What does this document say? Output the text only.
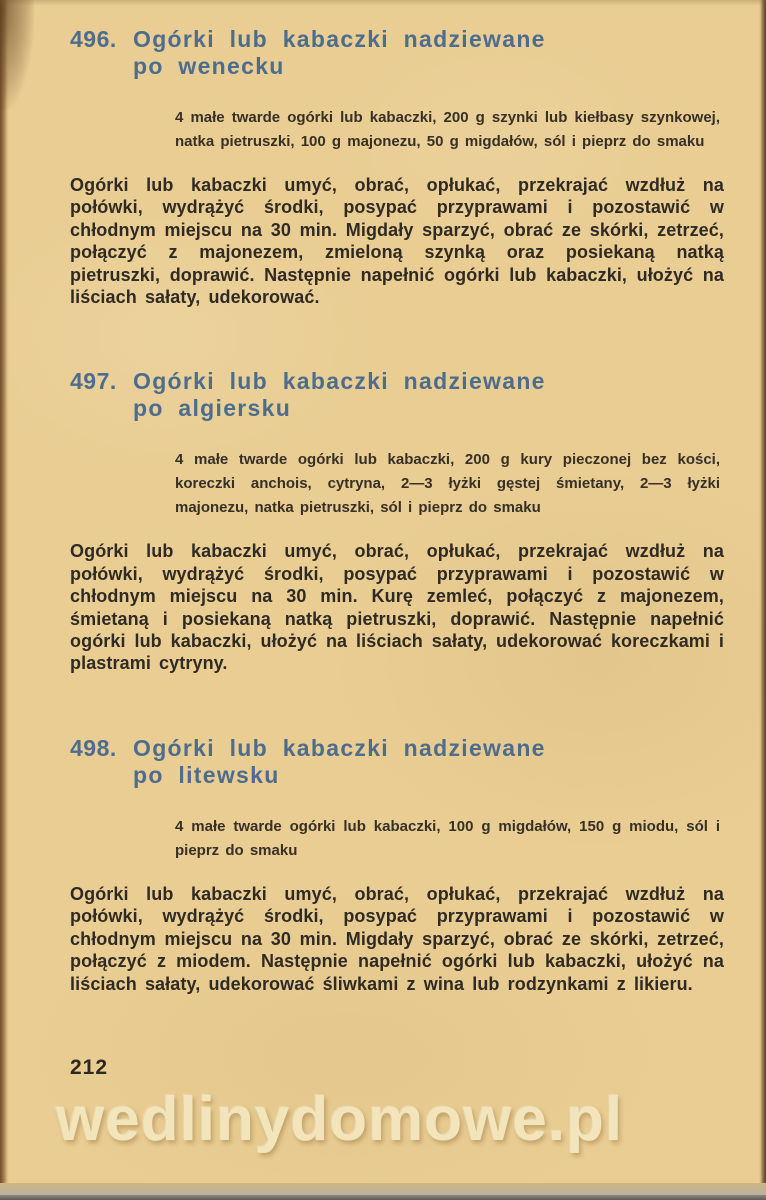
496. Ogórki lub kabaczki nadziewane
po wenecku

4 małe twarde ogórki lub kabaczki, 200 g szynki lub kiełbasy szynkowej, natka pietruszki, 100 g majonezu, 50 g migdałów, sól i pieprz do smaku

Ogórki lub kabaczki umyć, obrać, opłukać, przekrajać wzdłuż na połówki, wydrążyć środki, posypać przyprawami i pozostawić w chłodnym miejscu na 30 min. Migdały sparzyć, obrać ze skórki, zetrzeć, połączyć z majonezem, zmieloną szynką oraz posiekaną natką pietruszki, doprawić. Następnie napełnić ogórki lub kabaczki, ułożyć na liściach sałaty, udekorować.

497. Ogórki lub kabaczki nadziewane
po algiersku

4 małe twarde ogórki lub kabaczki, 200 g kury pieczonej bez kości, koreczki anchois, cytryna, 2—3 łyżki gęstej śmietany, 2—3 łyżki majonezu, natka pietruszki, sól i pieprz do smaku

Ogórki lub kabaczki umyć, obrać, opłukać, przekrajać wzdłuż na połówki, wydrążyć środki, posypać przyprawami i pozostawić w chłodnym miejscu na 30 min. Kurę zemleć, połączyć z majonezem, śmietaną i posiekaną natką pietruszki, doprawić. Następnie napełnić ogórki lub kabaczki, ułożyć na liściach sałaty, udekorować koreczkami i plastrami cytryny.

498. Ogórki lub kabaczki nadziewane
po litewsku

4 małe twarde ogórki lub kabaczki, 100 g migdałów, 150 g miodu, sól i pieprz do smaku

Ogórki lub kabaczki umyć, obrać, opłukać, przekrajać wzdłuż na połówki, wydrążyć środki, posypać przyprawami i pozostawić w chłodnym miejscu na 30 min. Migdały sparzyć, obrać ze skórki, zetrzeć, połączyć z miodem. Następnie napełnić ogórki lub kabaczki, ułożyć na liściach sałaty, udekorować śliwkami z wina lub rodzynkami z likieru.

212
wedlinydomowe.pl
